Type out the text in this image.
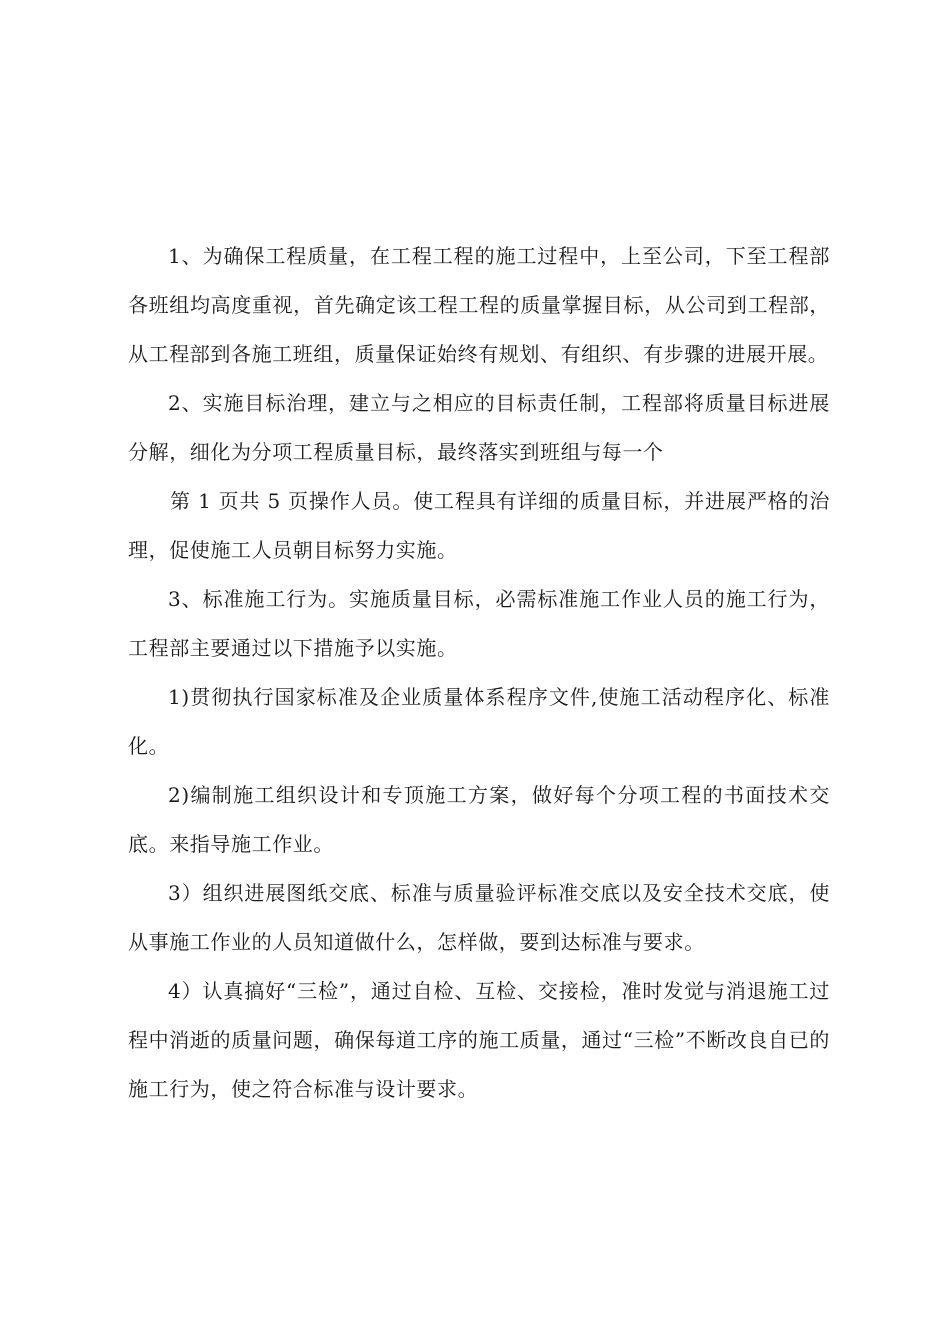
1、为确保工程质量，在工程工程的施工过程中，上至公司，下至工程部各班组均高度重视，首先确定该工程工程的质量掌握目标，从公司到工程部，从工程部到各施工班组，质量保证始终有规划、有组织、有步骤的进展开展。

2、实施目标治理，建立与之相应的目标责任制，工程部将质量目标进展分解，细化为分项工程质量目标，最终落实到班组与每一个

第 1 页共 5 页操作人员。使工程具有详细的质量目标，并进展严格的治理，促使施工人员朝目标努力实施。

3、标准施工行为。实施质量目标，必需标准施工作业人员的施工行为，工程部主要通过以下措施予以实施。

1)贯彻执行国家标准及企业质量体系程序文件,使施工活动程序化、标准化。

2)编制施工组织设计和专顶施工方案，做好每个分项工程的书面技术交底。来指导施工作业。

3）组织进展图纸交底、标准与质量验评标准交底以及安全技术交底，使从事施工作业的人员知道做什么，怎样做，要到达标准与要求。

4）认真搞好“三检”，通过自检、互检、交接检，准时发觉与消退施工过程中消逝的质量问题，确保每道工序的施工质量，通过“三检”不断改良自已的施工行为，使之符合标准与设计要求。
